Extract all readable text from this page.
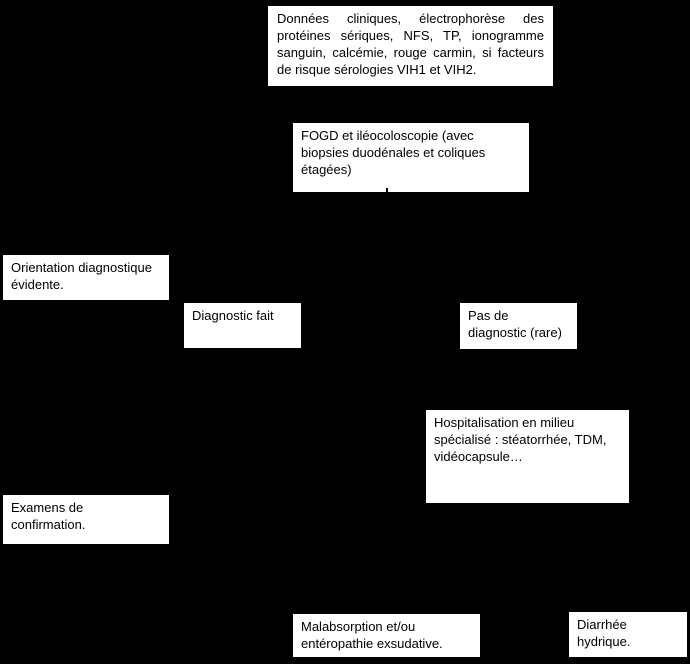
Données cliniques, électrophorèse des protéines sériques, NFS, TP, ionogramme sanguin, calcémie, rouge carmin, si facteurs de risque sérologies VIH1 et VIH2.
FOGD et iléocoloscopie (avec biopsies duodénales et coliques étagées)
Orientation diagnostique évidente.
Diagnostic fait	Pas de diagnostic (rare)
Hospitalisation en milieu spécialisé : stéatorrhée, TDM, vidéocapsule…
Examens de confirmation.
Malabsorption et/ou entéropathie exsudative.
Diarrhée hydrique.
